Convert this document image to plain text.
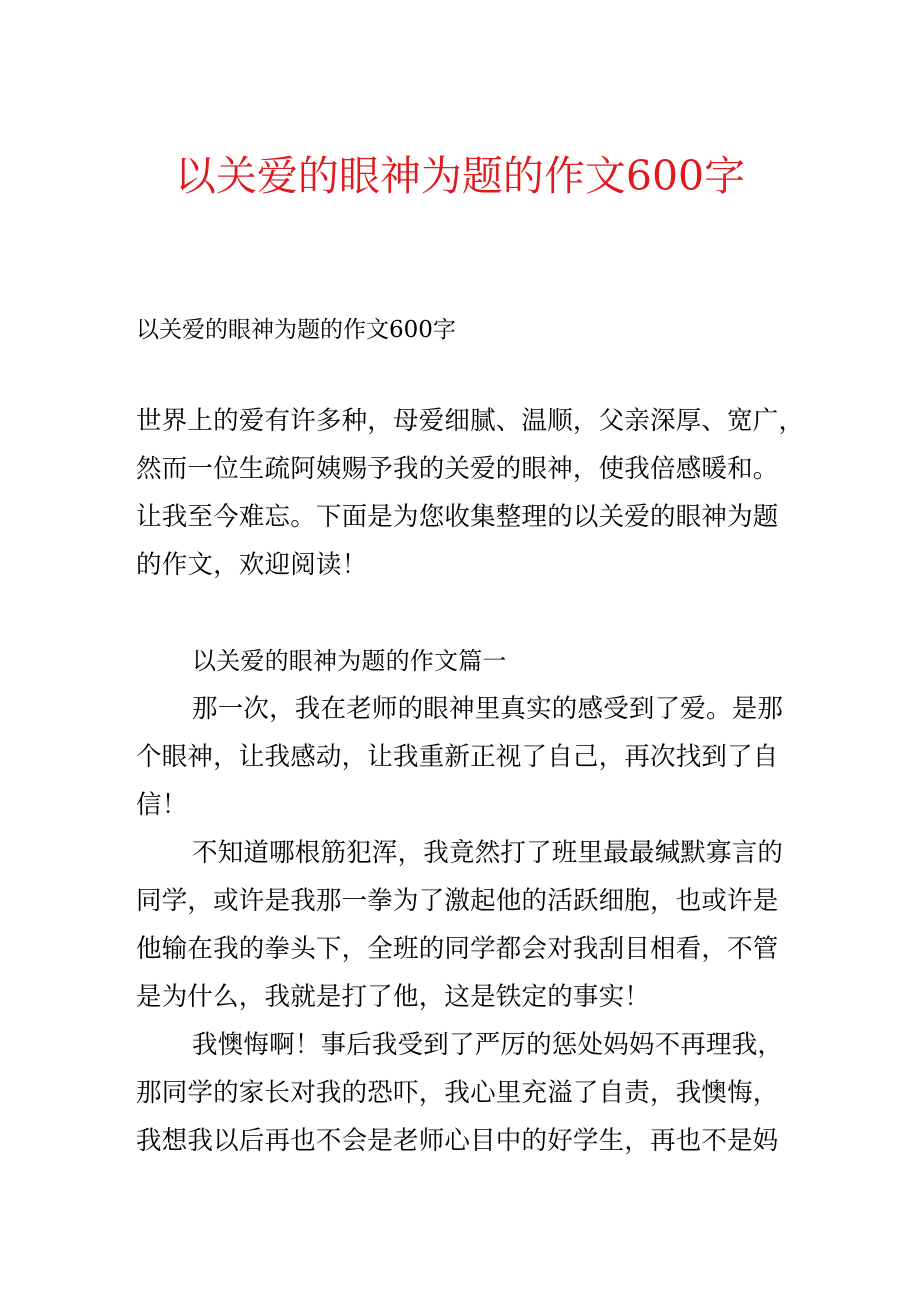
以关爱的眼神为题的作文600字
以关爱的眼神为题的作文600字
世界上的爱有许多种，母爱细腻、温顺，父亲深厚、宽广，
然而一位生疏阿姨赐予我的关爱的眼神，使我倍感暖和。
让我至今难忘。下面是为您收集整理的以关爱的眼神为题
的作文，欢迎阅读！
以关爱的眼神为题的作文篇一
那一次，我在老师的眼神里真实的感受到了爱。是那
个眼神，让我感动，让我重新正视了自己，再次找到了自
信！
不知道哪根筋犯浑，我竟然打了班里最最缄默寡言的
同学，或许是我那一拳为了激起他的活跃细胞，也或许是
他输在我的拳头下，全班的同学都会对我刮目相看，不管
是为什么，我就是打了他，这是铁定的事实！
我懊悔啊！事后我受到了严厉的惩处妈妈不再理我，
那同学的家长对我的恐吓，我心里充溢了自责，我懊悔，
我想我以后再也不会是老师心目中的好学生，再也不是妈
